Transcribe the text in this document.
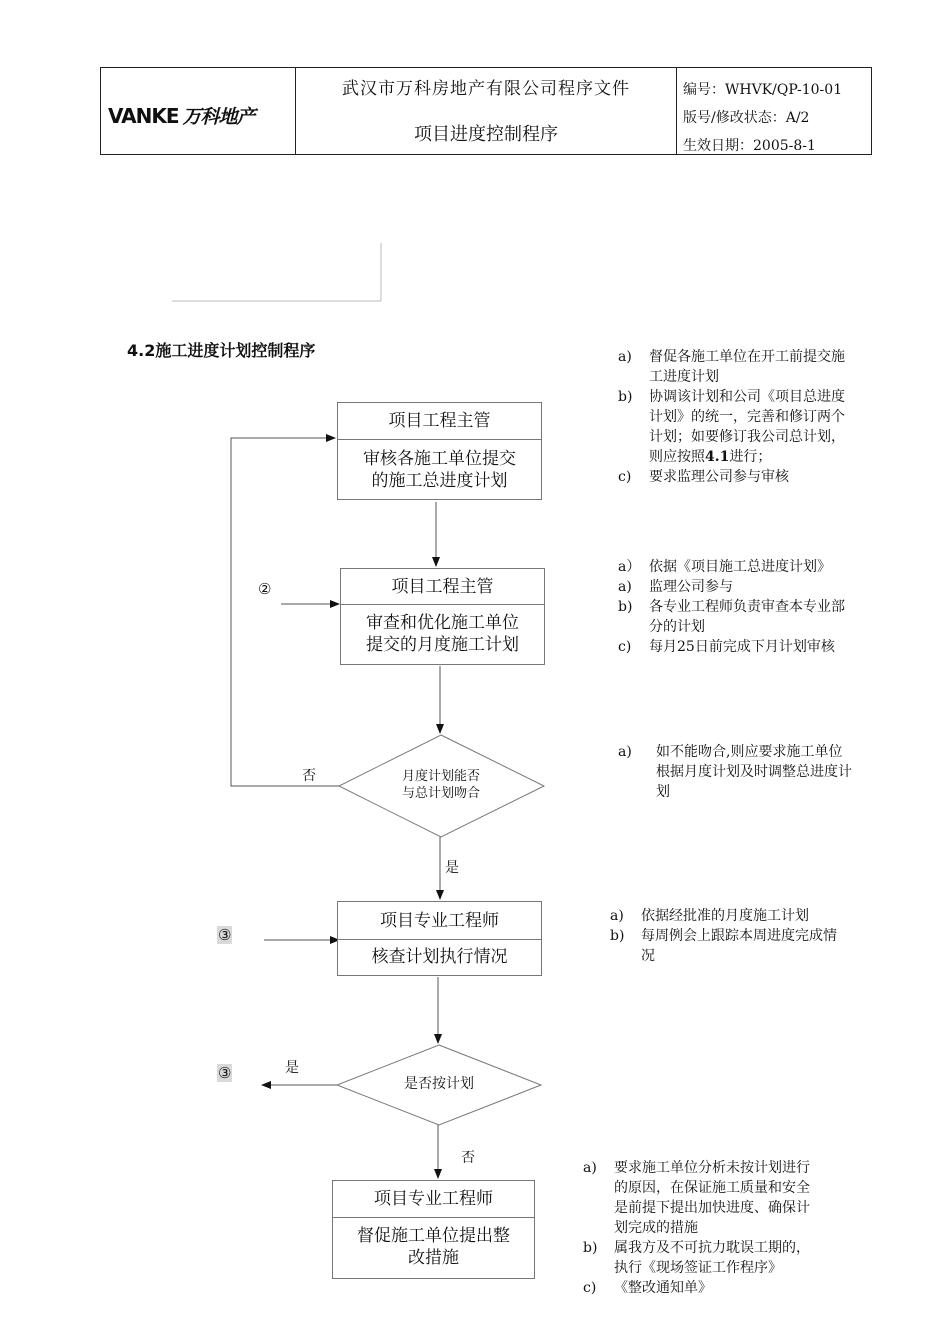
VANKE 万科地产
武汉市万科房地产有限公司程序文件
项目进度控制程序
编号：WHVK/QP-10-01
版号/修改状态：A/2
生效日期：2005-8-1
4.2施工进度计划控制程序
项目工程主管
审核各施工单位提交
的施工总进度计划
项目工程主管
审查和优化施工单位
提交的月度施工计划
②
月度计划能否
与总计划吻合
否
是
项目专业工程师
核查计划执行情况
③
是否按计划
是
否
③
项目专业工程师
督促施工单位提出整
改措施
a) 督促各施工单位在开工前提交施
工进度计划
b) 协调该计划和公司《项目总进度
计划》的统一，完善和修订两个
计划；如要修订我公司总计划，
则应按照4.1进行；
c) 要求监理公司参与审核
a） 依据《项目施工总进度计划》
a) 监理公司参与
b) 各专业工程师负责审查本专业部
分的计划
c) 每月25日前完成下月计划审核
a) 如不能吻合,则应要求施工单位
根据月度计划及时调整总进度计
划
a) 依据经批准的月度施工计划
b) 每周例会上跟踪本周进度完成情
况
a) 要求施工单位分析未按计划进行
的原因，在保证施工质量和安全
是前提下提出加快进度、确保计
划完成的措施
b) 属我方及不可抗力耽误工期的，
执行《现场签证工作程序》
c) 《整改通知单》
